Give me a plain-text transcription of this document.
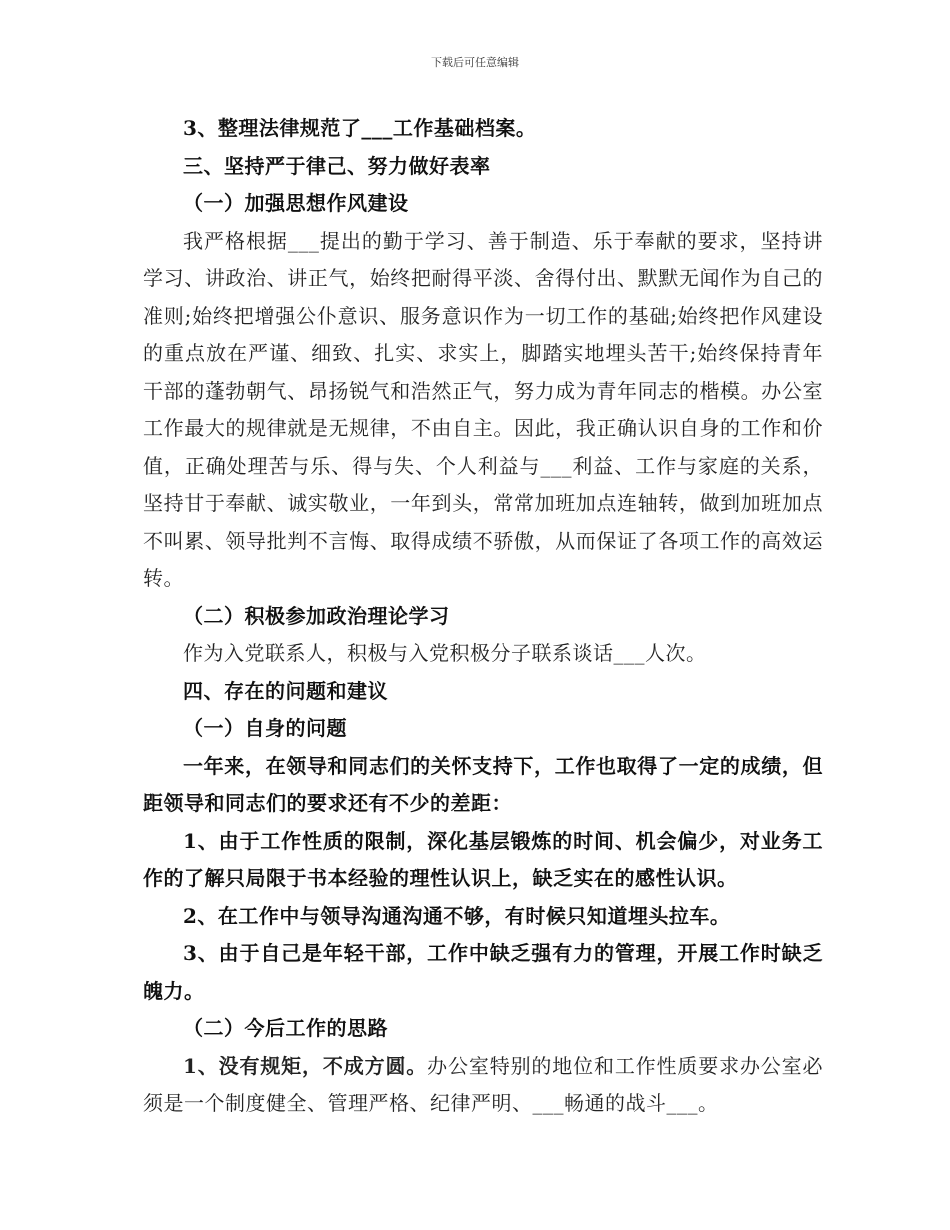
下载后可任意编辑

3、整理法律规范了___工作基础档案。

三、坚持严于律己、努力做好表率

（一）加强思想作风建设

我严格根据___提出的勤于学习、善于制造、乐于奉献的要求，坚持讲学习、讲政治、讲正气，始终把耐得平淡、舍得付出、默默无闻作为自己的准则;始终把增强公仆意识、服务意识作为一切工作的基础;始终把作风建设的重点放在严谨、细致、扎实、求实上，脚踏实地埋头苦干;始终保持青年干部的蓬勃朝气、昂扬锐气和浩然正气，努力成为青年同志的楷模。办公室工作最大的规律就是无规律，不由自主。因此，我正确认识自身的工作和价值，正确处理苦与乐、得与失、个人利益与___利益、工作与家庭的关系，坚持甘于奉献、诚实敬业，一年到头，常常加班加点连轴转，做到加班加点不叫累、领导批判不言悔、取得成绩不骄傲，从而保证了各项工作的高效运转。

（二）积极参加政治理论学习

作为入党联系人，积极与入党积极分子联系谈话___人次。

四、存在的问题和建议

（一）自身的问题

一年来，在领导和同志们的关怀支持下，工作也取得了一定的成绩，但距领导和同志们的要求还有不少的差距：

1、由于工作性质的限制，深化基层锻炼的时间、机会偏少，对业务工作的了解只局限于书本经验的理性认识上，缺乏实在的感性认识。

2、在工作中与领导沟通沟通不够，有时候只知道埋头拉车。

3、由于自己是年轻干部，工作中缺乏强有力的管理，开展工作时缺乏魄力。

（二）今后工作的思路

1、没有规矩，不成方圆。办公室特别的地位和工作性质要求办公室必须是一个制度健全、管理严格、纪律严明、___畅通的战斗___。
